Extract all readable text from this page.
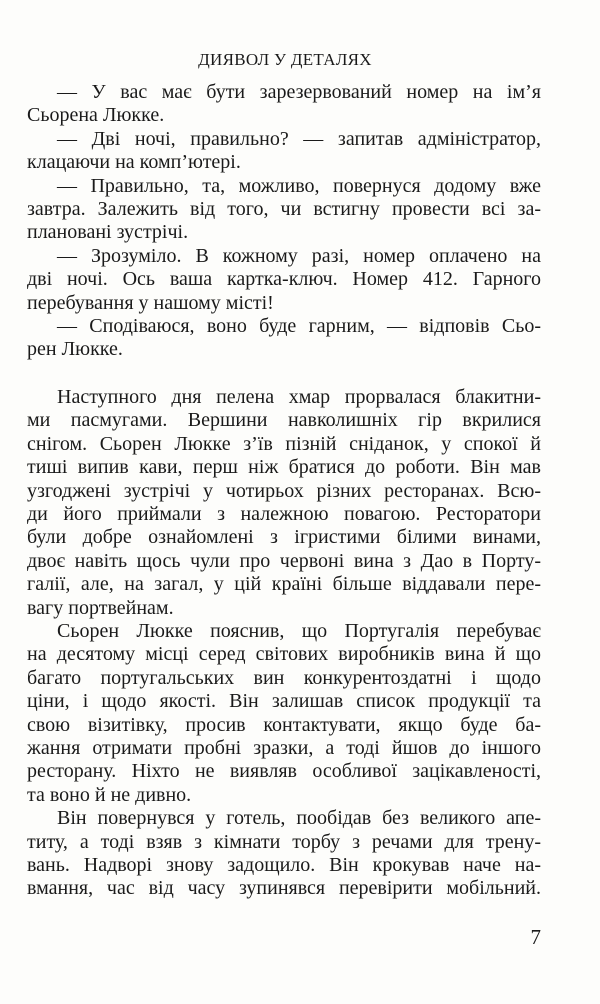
ДИЯВОЛ У ДЕТАЛЯХ
— У вас має бути зарезервований номер на ім’я
Сьорена Люкке.
— Дві ночі, правильно? — запитав адміністратор,
клацаючи на комп’ютері.
— Правильно, та, можливо, повернуся додому вже
завтра. Залежить від того, чи встигну провести всі за-
плановані зустрічі.
— Зрозуміло. В кожному разі, номер оплачено на
дві ночі. Ось ваша картка-ключ. Номер 412. Гарного
перебування у нашому місті!
— Сподіваюся, воно буде гарним, — відповів Сьо-
рен Люкке.
Наступного дня пелена хмар прорвалася блакитни-
ми пасмугами. Вершини навколишніх гір вкрилися
снігом. Сьорен Люкке з’їв пізній сніданок, у спокої й
тиші випив кави, перш ніж братися до роботи. Він мав
узгоджені зустрічі у чотирьох різних ресторанах. Всю-
ди його приймали з належною повагою. Ресторатори
були добре ознайомлені з ігристими білими винами,
двоє навіть щось чули про червоні вина з Дао в Порту-
галії, але, на загал, у цій країні більше віддавали пере-
вагу портвейнам.
Сьорен Люкке пояснив, що Португалія перебуває
на десятому місці серед світових виробників вина й що
багато португальських вин конкурентоздатні і щодо
ціни, і щодо якості. Він залишав список продукції та
свою візитівку, просив контактувати, якщо буде ба-
жання отримати пробні зразки, а тоді йшов до іншого
ресторану. Ніхто не виявляв особливої зацікавленості,
та воно й не дивно.
Він повернувся у готель, пообідав без великого апе-
титу, а тоді взяв з кімнати торбу з речами для трену-
вань. Надворі знову задощило. Він крокував наче на-
вмання, час від часу зупинявся перевірити мобільний.
7
